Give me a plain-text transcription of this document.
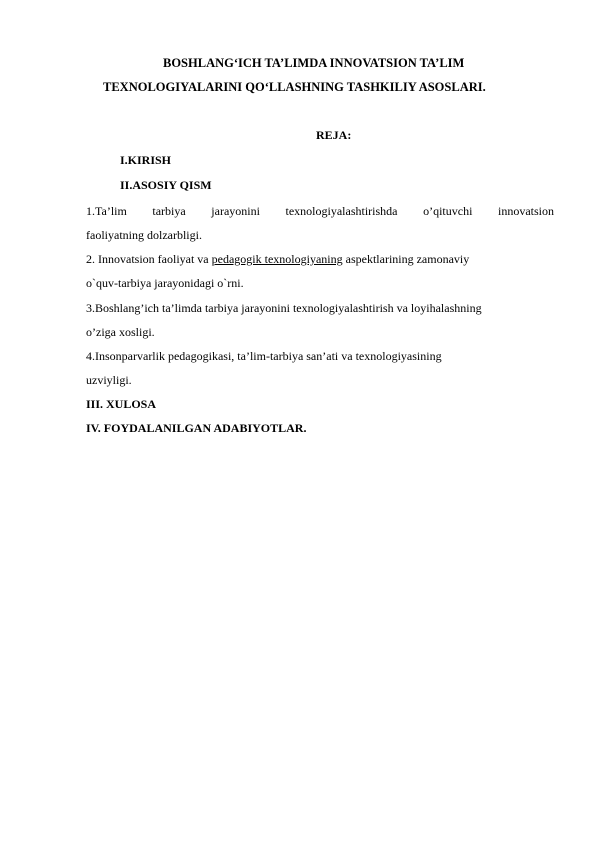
BOSHLANG‘ICH TA’LIMDA INNOVATSION TA’LIM
TEXNOLOGIYALARINI QO‘LLASHNING TASHKILIY ASOSLARI.
REJA:
I.KIRISH
II.ASOSIY QISM
1.Ta’lim tarbiya jarayonini texnologiyalashtirishda o’qituvchi innovatsion
faoliyatning dolzarbligi.
2. Innovatsion faoliyat va pedagogik texnologiyaning aspektlarining zamonaviy
o`quv-tarbiya jarayonidagi o`rni.
3.Boshlang’ich ta’limda tarbiya jarayonini texnologiyalashtirish va loyihalashning
o’ziga xosligi.
4.Insonparvarlik pedagogikasi, ta’lim-tarbiya san’ati va texnologiyasining
uzviyligi.
III. XULOSA
IV. FOYDALANILGAN ADABIYOTLAR.
